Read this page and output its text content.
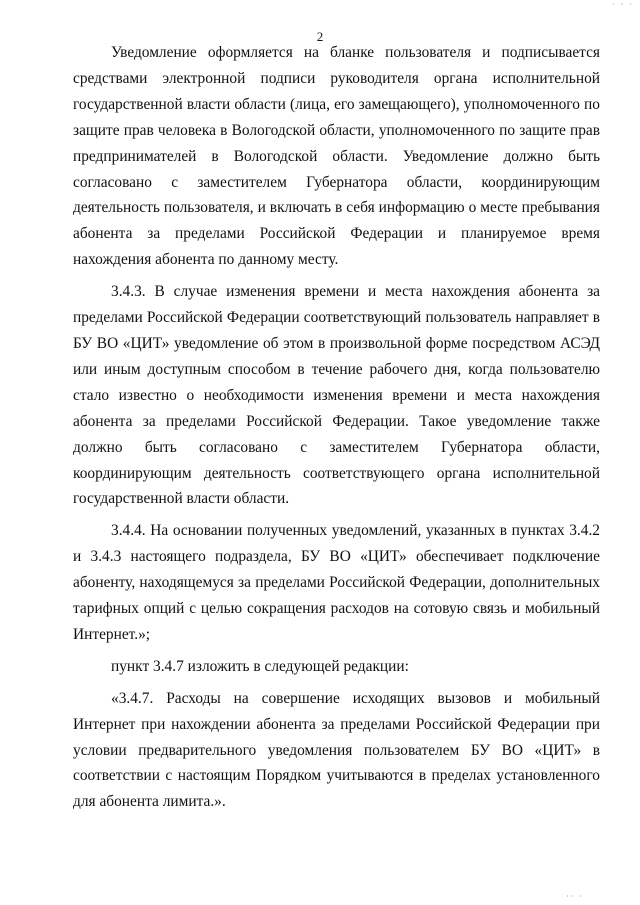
· · ·
2

Уведомление оформляется на бланке пользователя и подписывается средствами электронной подписи руководителя органа исполнительной государственной власти области (лица, его замещающего), уполномоченного по защите прав человека в Вологодской области, уполномоченного по защите прав предпринимателей в Вологодской области. Уведомление должно быть согласовано с заместителем Губернатора области, координирующим деятельность пользователя, и включать в себя информацию о месте пребывания абонента за пределами Российской Федерации и планируемое время нахождения абонента по данному месту.

3.4.3. В случае изменения времени и места нахождения абонента за пределами Российской Федерации соответствующий пользователь направляет в БУ ВО «ЦИТ» уведомление об этом в произвольной форме посредством АСЭД или иным доступным способом в течение рабочего дня, когда пользователю стало известно о необходимости изменения времени и места нахождения абонента за пределами Российской Федерации. Такое уведомление также должно быть согласовано с заместителем Губернатора области, координирующим деятельность соответствующего органа исполнительной государственной власти области.

3.4.4. На основании полученных уведомлений, указанных в пунктах 3.4.2 и 3.4.3 настоящего подраздела, БУ ВО «ЦИТ» обеспечивает подключение абоненту, находящемуся за пределами Российской Федерации, дополнительных тарифных опций с целью сокращения расходов на сотовую связь и мобильный Интернет.»;

пункт 3.4.7 изложить в следующей редакции:

«3.4.7. Расходы на совершение исходящих вызовов и мобильный Интернет при нахождении абонента за пределами Российской Федерации при условии предварительного уведомления пользователем БУ ВО «ЦИТ» в соответствии с настоящим Порядком учитываются в пределах установленного для абонента лимита.».

·· ·
